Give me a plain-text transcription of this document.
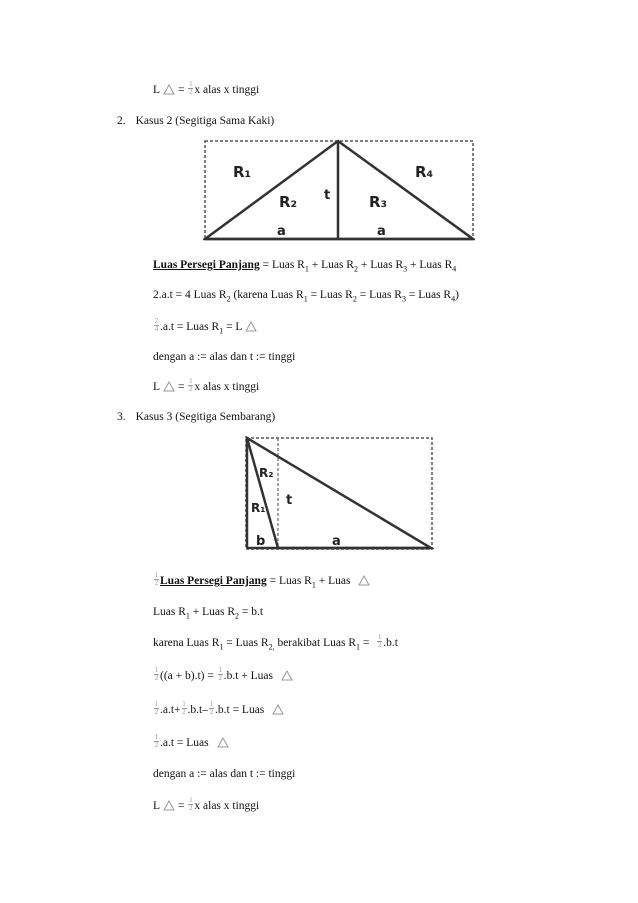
$L = \frac{1}{2}$ x alas x tinggi
2. Kasus 2 (Segitiga Sama Kaki)
R₁
R₂ t	R₃
R₄
a	a
Luas Persegi Panjang = Luas $R_1$ + Luas $R_2$ + Luas $R_3$ + Luas $R_4$
2.a.t = 4 Luas $R_2$ (karena Luas $R_1$ = Luas $R_2$ = Luas $R_3$ = Luas $R_4$)
$\frac{2}{4} .a.t$ = Luas $R_1 = L$
dengan a := alas dan t := tinggi
$L = \frac{1}{2}$ x alas x tinggi
3. Kasus 3 (Segitiga Sembarang)
R₂
R₁ t
b	a
$\frac{1}{2}$ Luas Persegi Panjang = Luas $R_1$ + Luas
Luas $R_1$ + Luas $R_2 = b.t$
karena Luas $R_1$ = Luas $R_{2,}$ berakibat Luas $R_1 = \frac{1}{2} .b.t$
$\frac{1}{2} ((a + b).t) = \frac{1}{2} .b.t$ + Luas
$\frac{1}{2} .a.t+ \frac{1}{2} .b.t- \frac{1}{2} .b.t$ = Luas
$\frac{1}{2} .a.t$ = Luas
dengan a := alas dan t := tinggi
$L = \frac{1}{2}$ x alas x tinggi
